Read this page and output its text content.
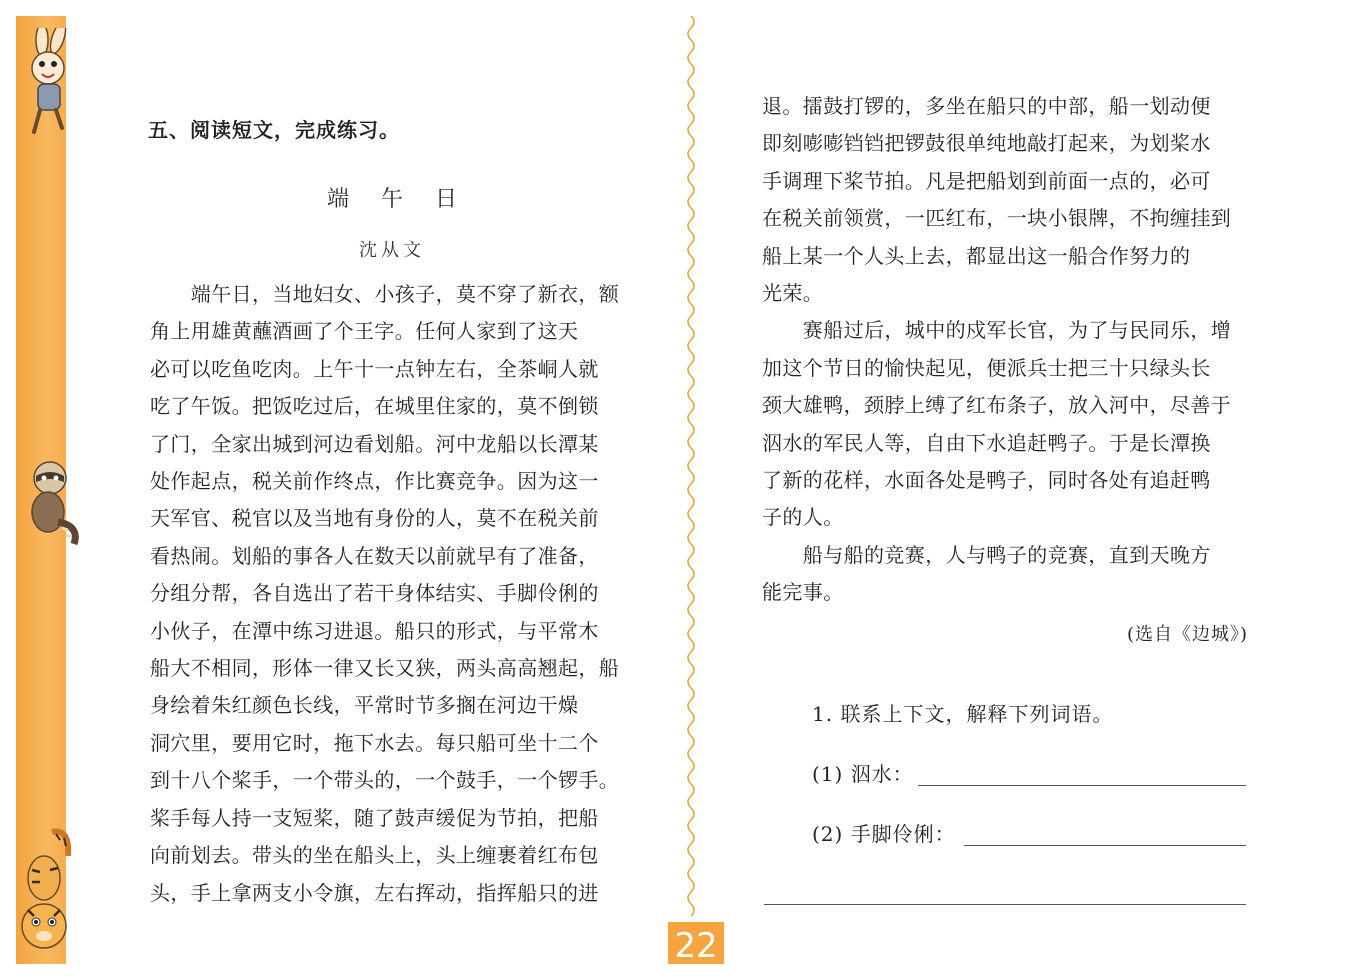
五、阅读短文，完成练习。
端午日
沈从文

　　端午日，当地妇女、小孩子，莫不穿了新衣，额

角上用雄黄蘸酒画了个王字。任何人家到了这天

必可以吃鱼吃肉。上午十一点钟左右，全茶峒人就

吃了午饭。把饭吃过后，在城里住家的，莫不倒锁

了门，全家出城到河边看划船。河中龙船以长潭某

处作起点，税关前作终点，作比赛竞争。因为这一

天军官、税官以及当地有身份的人，莫不在税关前

看热闹。划船的事各人在数天以前就早有了准备，

分组分帮，各自选出了若干身体结实、手脚伶俐的

小伙子，在潭中练习进退。船只的形式，与平常木

船大不相同，形体一律又长又狭，两头高高翘起，船

身绘着朱红颜色长线，平常时节多搁在河边干燥

洞穴里，要用它时，拖下水去。每只船可坐十二个

到十八个桨手，一个带头的，一个鼓手，一个锣手。

桨手每人持一支短桨，随了鼓声缓促为节拍，把船

向前划去。带头的坐在船头上，头上缠裹着红布包

头，手上拿两支小令旗，左右挥动，指挥船只的进

退。擂鼓打锣的，多坐在船只的中部，船一划动便

即刻嘭嘭铛铛把锣鼓很单纯地敲打起来，为划桨水

手调理下桨节拍。凡是把船划到前面一点的，必可

在税关前领赏，一匹红布，一块小银牌，不拘缠挂到

船上某一个人头上去，都显出这一船合作努力的

光荣。

　　赛船过后，城中的戍军长官，为了与民同乐，增

加这个节日的愉快起见，便派兵士把三十只绿头长

颈大雄鸭，颈脖上缚了红布条子，放入河中，尽善于

泅水的军民人等，自由下水追赶鸭子。于是长潭换

了新的花样，水面各处是鸭子，同时各处有追赶鸭

子的人。

　　船与船的竞赛，人与鸭子的竞赛，直到天晚方

能完事。

(选自《边城》)
1. 联系上下文，解释下列词语。
(1) 泅水：
(2) 手脚伶俐：
22
